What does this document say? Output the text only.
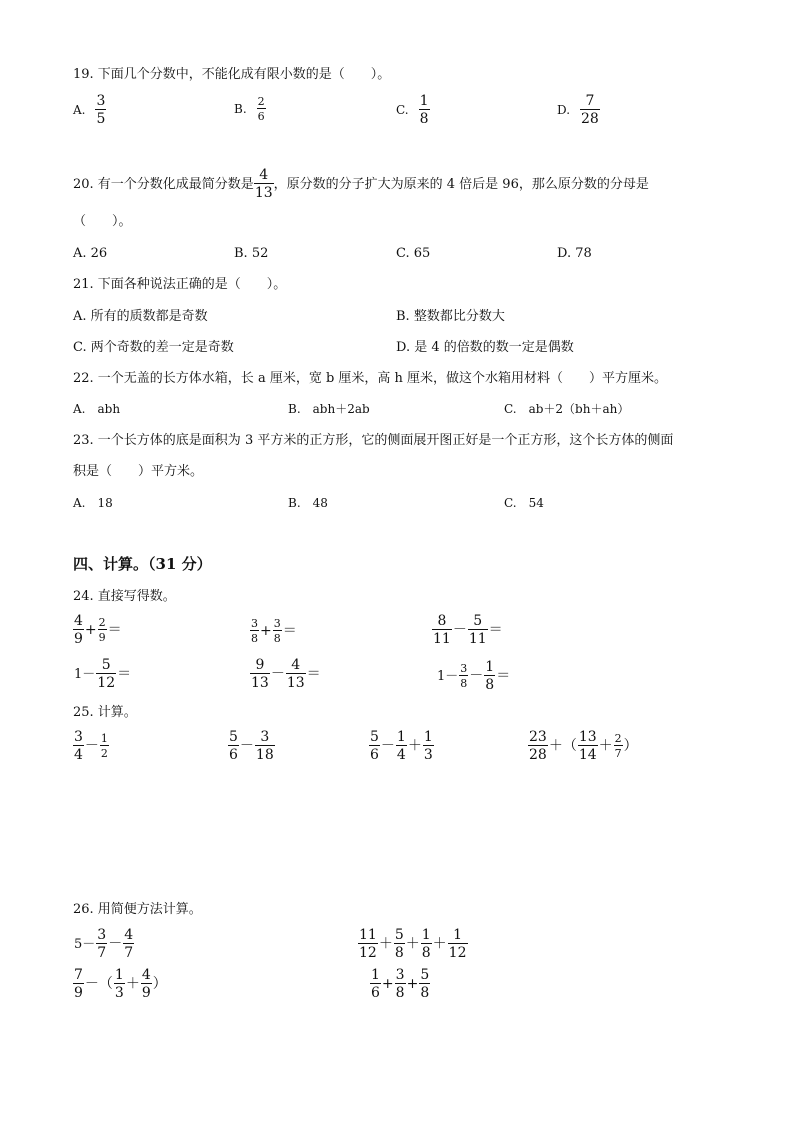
19. 下面几个分数中，不能化成有限小数的是（　　）。
A. $\frac{3}{5}$	B. $\frac{2}{6}$	C. $\frac{1}{8}$	D. $\frac{7}{28}$
20. 有一个分数化成最简分数是 $\frac{4}{13}$ ，原分数的分子扩大为原来的 4 倍后是 96，那么原分数的分母是
（　　）。
A. 26	B. 52	C. 65	D. 78
21. 下面各种说法正确的是（　　）。
A. 所有的质数都是奇数	B. 整数都比分数大
C. 两个奇数的差一定是奇数	D. 是 4 的倍数的数一定是偶数
22. 一个无盖的长方体水箱，长 a 厘米，宽 b 厘米，高 h 厘米，做这个水箱用材料（　　）平方厘米。
A.　abh	B.　abh＋2ab	C.　ab＋2（bh＋ah）
23. 一个长方体的底是面积为 3 平方米的正方形，它的侧面展开图正好是一个正方形，这个长方体的侧面
积是（　　）平方米。
A.　18	B.　48	C.　54
四、计算。（31 分）
24. 直接写得数。
$\frac{4}{9} + \frac{2}{9}$ ＝	$\frac{3}{8} + \frac{3}{8}$ ＝	$\frac{8}{11} - \frac{5}{11}$ ＝
$1- \frac{5}{12}$ ＝	$\frac{9}{13} - \frac{4}{13}$ ＝	$1- \frac{3}{8} - \frac{1}{8}$ ＝
25. 计算。
$\frac{3}{4} - \frac{1}{2}$	$\frac{5}{6} - \frac{3}{18}$	$\frac{5}{6} - \frac{1}{4} + \frac{1}{3}$	$\frac{23}{28}$ ＋（ $\frac{13}{14} + \frac{2}{7}$ ）
26. 用简便方法计算。
$5- \frac{3}{7} - \frac{4}{7}$	$\frac{11}{12} + \frac{5}{8} + \frac{1}{8} + \frac{1}{12}$
$\frac{7}{9}$ －（ $\frac{1}{3} + \frac{4}{9}$ ）	$\frac{1}{6} + \frac{3}{8} + \frac{5}{8}$
